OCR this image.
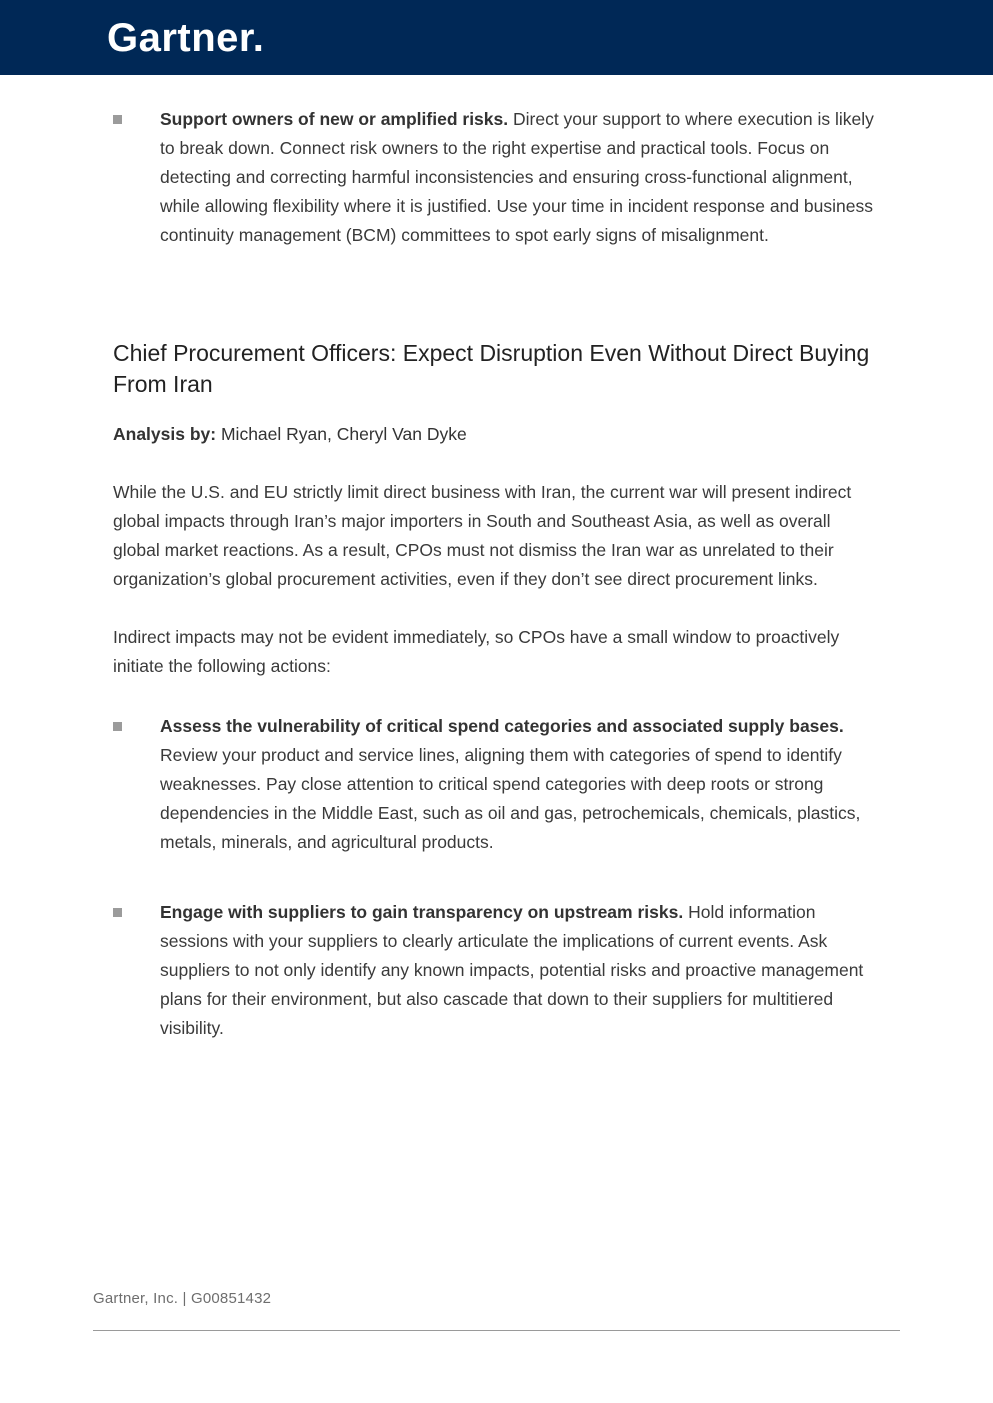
Gartner.
Support owners of new or amplified risks. Direct your support to where execution is likely to break down. Connect risk owners to the right expertise and practical tools. Focus on detecting and correcting harmful inconsistencies and ensuring cross-functional alignment, while allowing flexibility where it is justified. Use your time in incident response and business continuity management (BCM) committees to spot early signs of misalignment.
Chief Procurement Officers: Expect Disruption Even Without Direct Buying From Iran
Analysis by: Michael Ryan, Cheryl Van Dyke

While the U.S. and EU strictly limit direct business with Iran, the current war will present indirect global impacts through Iran’s major importers in South and Southeast Asia, as well as overall global market reactions. As a result, CPOs must not dismiss the Iran war as unrelated to their organization’s global procurement activities, even if they don’t see direct procurement links.

Indirect impacts may not be evident immediately, so CPOs have a small window to proactively initiate the following actions:

Assess the vulnerability of critical spend categories and associated supply bases. Review your product and service lines, aligning them with categories of spend to identify weaknesses. Pay close attention to critical spend categories with deep roots or strong dependencies in the Middle East, such as oil and gas, petrochemicals, chemicals, plastics, metals, minerals, and agricultural products.
Engage with suppliers to gain transparency on upstream risks. Hold information sessions with your suppliers to clearly articulate the implications of current events. Ask suppliers to not only identify any known impacts, potential risks and proactive management plans for their environment, but also cascade that down to their suppliers for multitiered visibility.
Gartner, Inc. | G00851432
